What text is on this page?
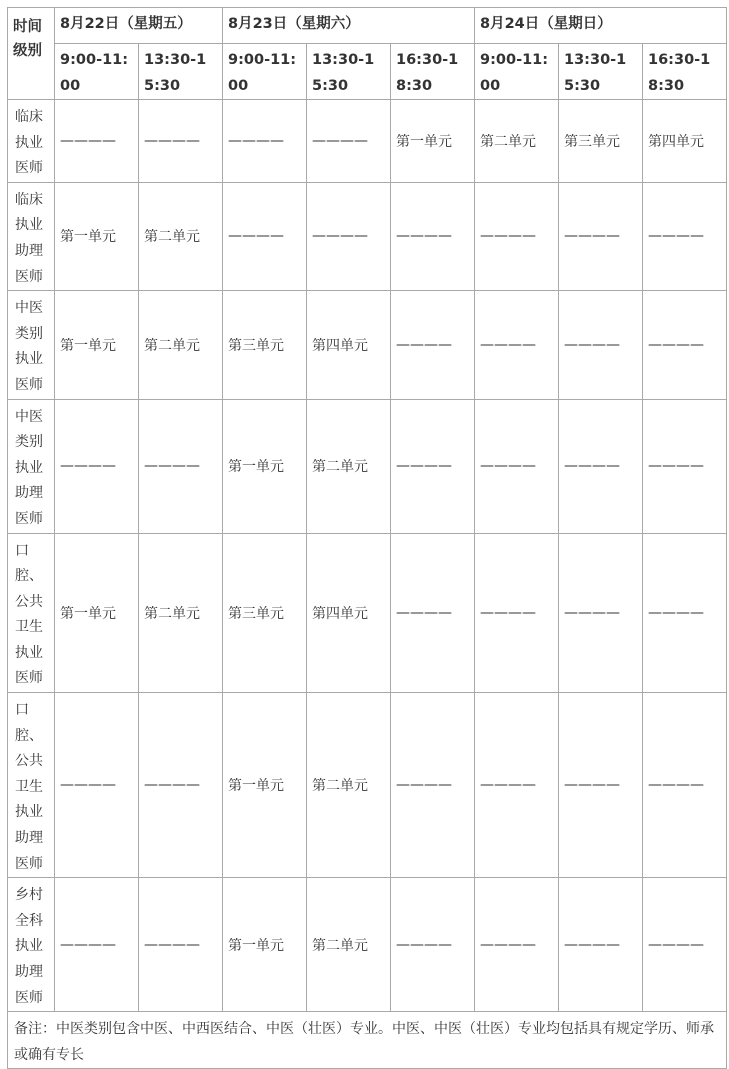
时间级别	8月22日（星期五）		8月23日（星期六）			8月24日（星期日）		
	9:00-11:00	13:30-15:30	9:00-11:00	13:30-15:30	16:30-18:30	9:00-11:00	13:30-15:30	16:30-18:30
临床执业医师	————	————	————	————	第一单元	第二单元	第三单元	第四单元
临床执业助理医师	第一单元	第二单元	————	————	————	————	————	————
中医类别执业医师	第一单元	第二单元	第三单元	第四单元	————	————	————	————
中医类别执业助理医师	————	————	第一单元	第二单元	————	————	————	————
口腔、公共卫生执业医师	第一单元	第二单元	第三单元	第四单元	————	————	————	————
口腔、公共卫生执业助理医师	————	————	第一单元	第二单元	————	————	————	————
乡村全科执业助理医师	————	————	第一单元	第二单元	————	————	————	————
备注：中医类别包含中医、中西医结合、中医（壮医）专业。中医、中医（壮医）专业均包括具有规定学历、师承或确有专长								
